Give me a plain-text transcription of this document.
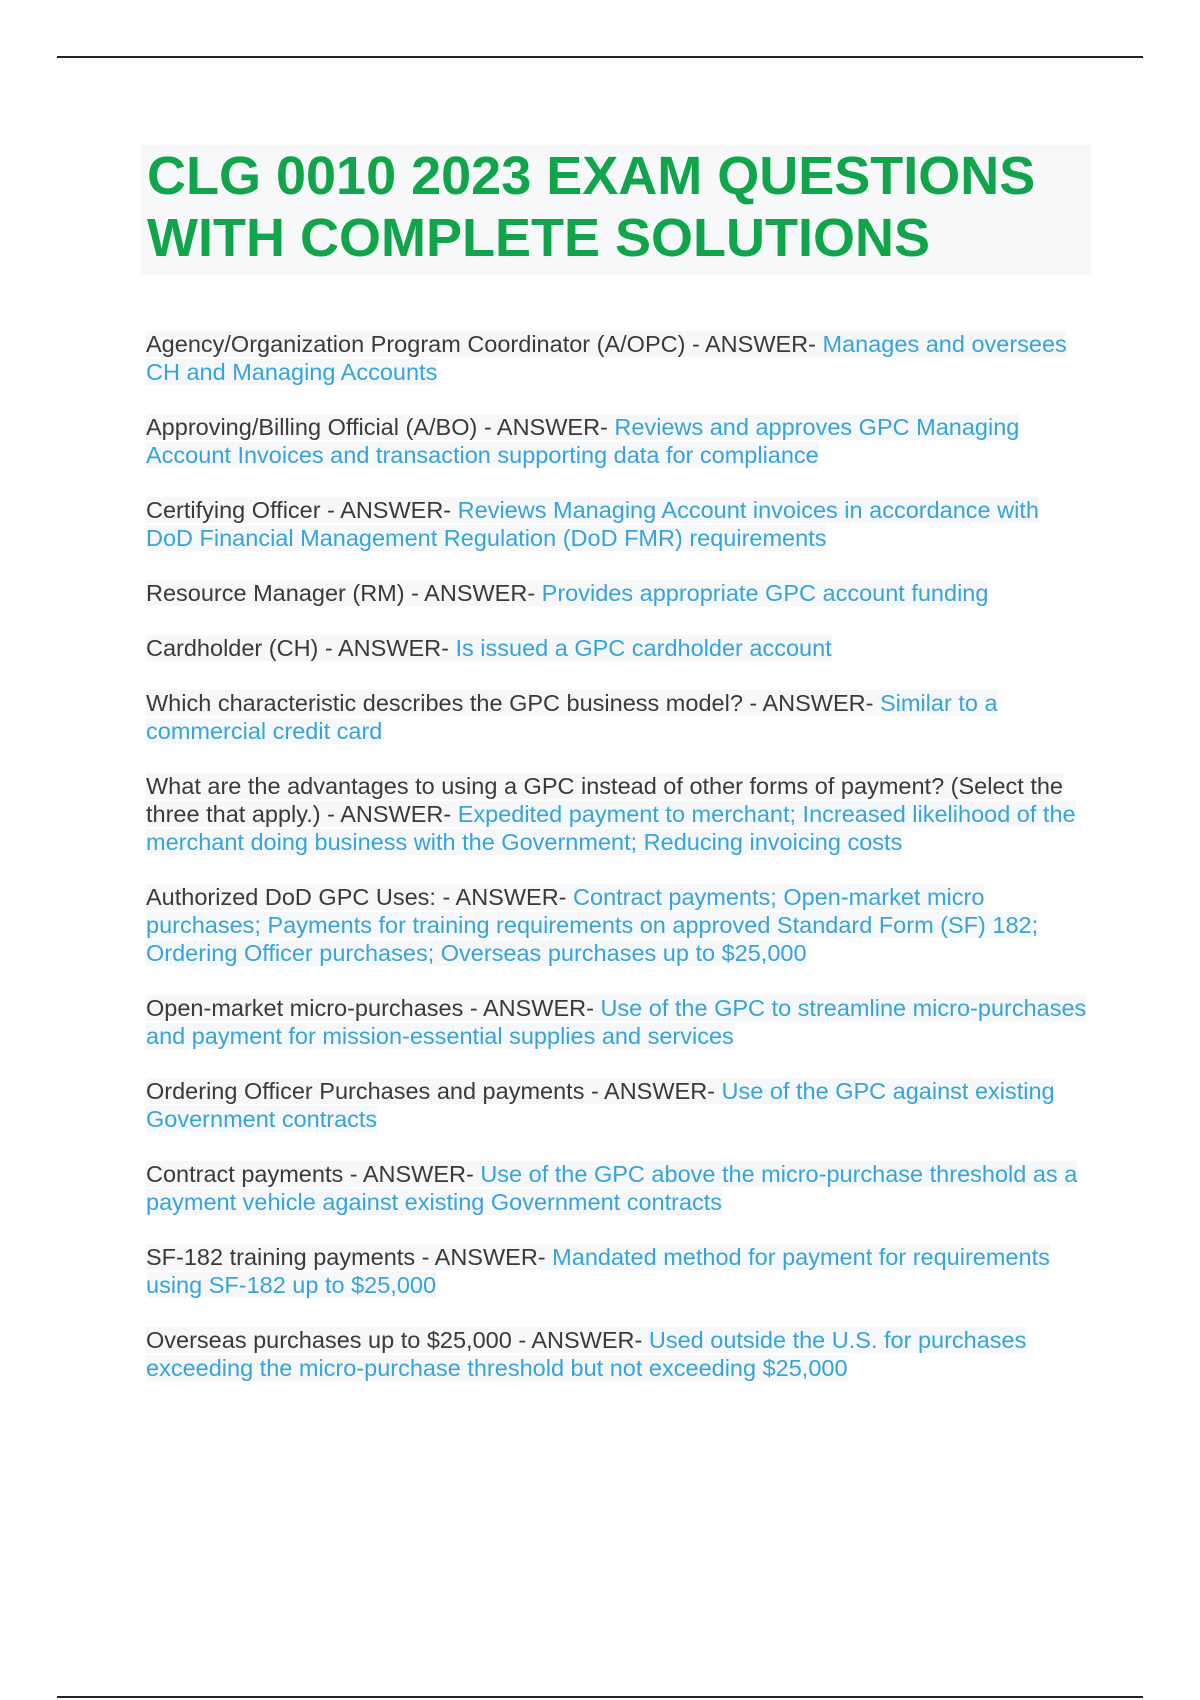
CLG 0010 2023 EXAM QUESTIONS
WITH COMPLETE SOLUTIONS

Agency/Organization Program Coordinator (A/OPC) - ANSWER- Manages and oversees CH and Managing Accounts

Approving/Billing Official (A/BO) - ANSWER- Reviews and approves GPC Managing Account Invoices and transaction supporting data for compliance

Certifying Officer - ANSWER- Reviews Managing Account invoices in accordance with DoD Financial Management Regulation (DoD FMR) requirements

Resource Manager (RM) - ANSWER- Provides appropriate GPC account funding

Cardholder (CH) - ANSWER- Is issued a GPC cardholder account

Which characteristic describes the GPC business model? - ANSWER- Similar to a commercial credit card

What are the advantages to using a GPC instead of other forms of payment? (Select the three that apply.) - ANSWER- Expedited payment to merchant; Increased likelihood of the merchant doing business with the Government; Reducing invoicing costs

Authorized DoD GPC Uses: - ANSWER- Contract payments; Open-market micro purchases; Payments for training requirements on approved Standard Form (SF) 182; Ordering Officer purchases; Overseas purchases up to $25,000

Open-market micro-purchases - ANSWER- Use of the GPC to streamline micro-purchases and payment for mission-essential supplies and services

Ordering Officer Purchases and payments - ANSWER- Use of the GPC against existing Government contracts

Contract payments - ANSWER- Use of the GPC above the micro-purchase threshold as a payment vehicle against existing Government contracts

SF-182 training payments - ANSWER- Mandated method for payment for requirements using SF-182 up to $25,000

Overseas purchases up to $25,000 - ANSWER- Used outside the U.S. for purchases exceeding the micro-purchase threshold but not exceeding $25,000
